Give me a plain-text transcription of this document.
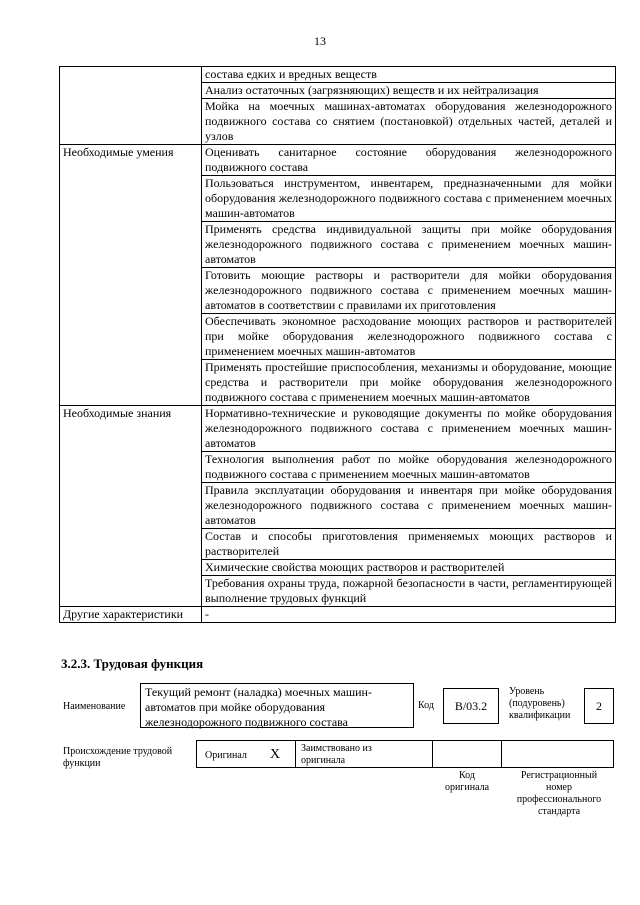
13
	состава едких и вредных веществ
	Анализ остаточных (загрязняющих) веществ и их нейтрализация
	Мойка на моечных машинах-автоматах оборудования железнодорожного подвижного состава со снятием (постановкой) отдельных частей, деталей и узлов
Необходимые умения	Оценивать санитарное состояние оборудования железнодорожного подвижного состава
	Пользоваться инструментом, инвентарем, предназначенными для мойки оборудования железнодорожного подвижного состава с применением моечных машин-автоматов
	Применять средства индивидуальной защиты при мойке оборудования железнодорожного подвижного состава с применением моечных машин-автоматов
	Готовить моющие растворы и растворители для мойки оборудования железнодорожного подвижного состава с применением моечных машин-автоматов в соответствии с правилами их приготовления
	Обеспечивать экономное расходование моющих растворов и растворителей при мойке оборудования железнодорожного подвижного состава с применением моечных машин-автоматов
	Применять простейшие приспособления, механизмы и оборудование, моющие средства и растворители при мойке оборудования железнодорожного подвижного состава с применением моечных машин-автоматов
Необходимые знания	Нормативно-технические и руководящие документы по мойке оборудования железнодорожного подвижного состава с применением моечных машин-автоматов
	Технология выполнения работ по мойке оборудования железнодорожного подвижного состава с применением моечных машин-автоматов
	Правила эксплуатации оборудования и инвентаря при мойке оборудования железнодорожного подвижного состава с применением моечных машин-автоматов
	Состав и способы приготовления применяемых моющих растворов и растворителей
	Химические свойства моющих растворов и растворителей
	Требования охраны труда, пожарной безопасности в части, регламентирующей выполнение трудовых функций
Другие характеристики	-
3.2.3. Трудовая функция
Наименование
Текущий ремонт (наладка) моечных машин-автоматов при мойке оборудования железнодорожного подвижного состава
Код	B/03.2
Уровень (подуровень) квалификации
2
Происхождение трудовой функции
Оригинал X Заимствовано из оригинала
Код оригинала
Регистрационный номер профессионального стандарта
